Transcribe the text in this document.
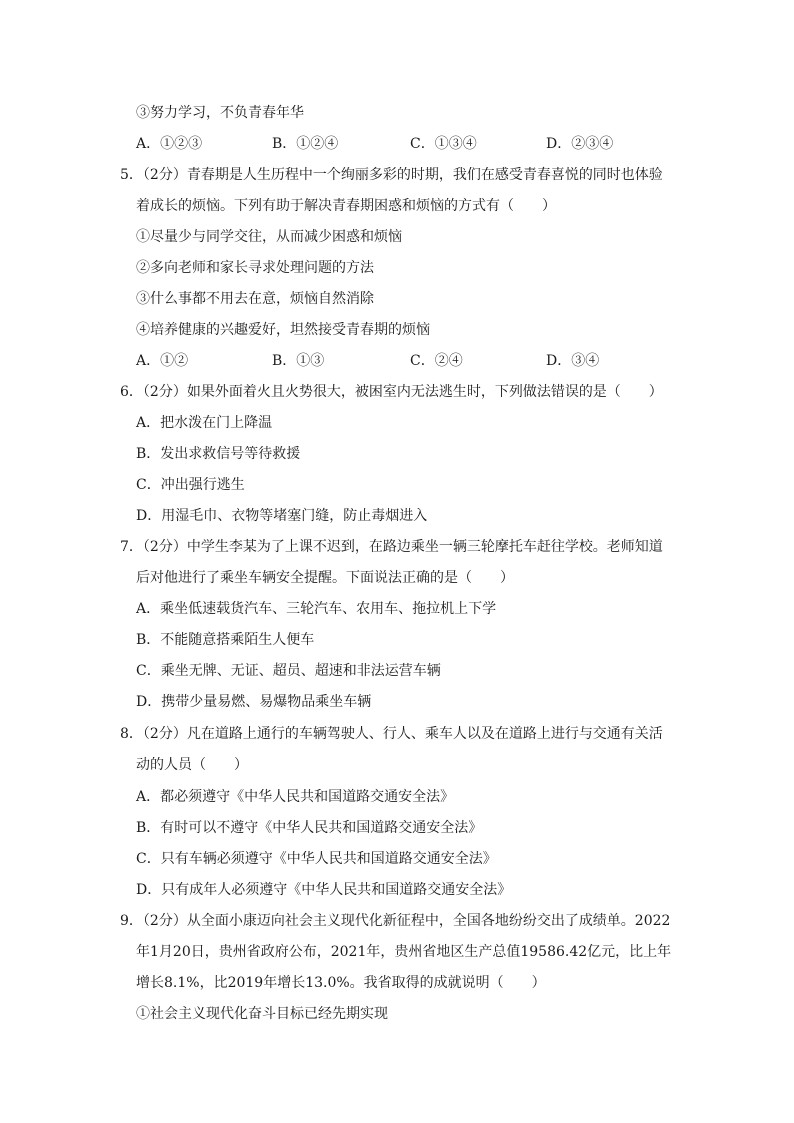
③努力学习，不负青春年华
A．①②③	B．①②④	C．①③④	D．②③④
5．（2分）青春期是人生历程中一个绚丽多彩的时期，我们在感受青春喜悦的同时也体验
着成长的烦恼。下列有助于解决青春期困惑和烦恼的方式有（　　）
①尽量少与同学交往，从而减少困惑和烦恼
②多向老师和家长寻求处理问题的方法
③什么事都不用去在意，烦恼自然消除
④培养健康的兴趣爱好，坦然接受青春期的烦恼
A．①②	B．①③	C．②④	D．③④
6．（2分）如果外面着火且火势很大，被困室内无法逃生时，下列做法错误的是（　　）
A．把水泼在门上降温
B．发出求救信号等待救援
C．冲出强行逃生
D．用湿毛巾、衣物等堵塞门缝，防止毒烟进入
7．（2分）中学生李某为了上课不迟到，在路边乘坐一辆三轮摩托车赶往学校。老师知道
后对他进行了乘坐车辆安全提醒。下面说法正确的是（　　）
A．乘坐低速载货汽车、三轮汽车、农用车、拖拉机上下学
B．不能随意搭乘陌生人便车
C．乘坐无牌、无证、超员、超速和非法运营车辆
D．携带少量易燃、易爆物品乘坐车辆
8．（2分）凡在道路上通行的车辆驾驶人、行人、乘车人以及在道路上进行与交通有关活
动的人员（　　）
A．都必须遵守《中华人民共和国道路交通安全法》
B．有时可以不遵守《中华人民共和国道路交通安全法》
C．只有车辆必须遵守《中华人民共和国道路交通安全法》
D．只有成年人必须遵守《中华人民共和国道路交通安全法》
9．（2分）从全面小康迈向社会主义现代化新征程中，全国各地纷纷交出了成绩单。2022
年1月20日，贵州省政府公布，2021年，贵州省地区生产总值19586.42亿元，比上年
增长8.1%，比2019年增长13.0%。我省取得的成就说明（　　）
①社会主义现代化奋斗目标已经先期实现
